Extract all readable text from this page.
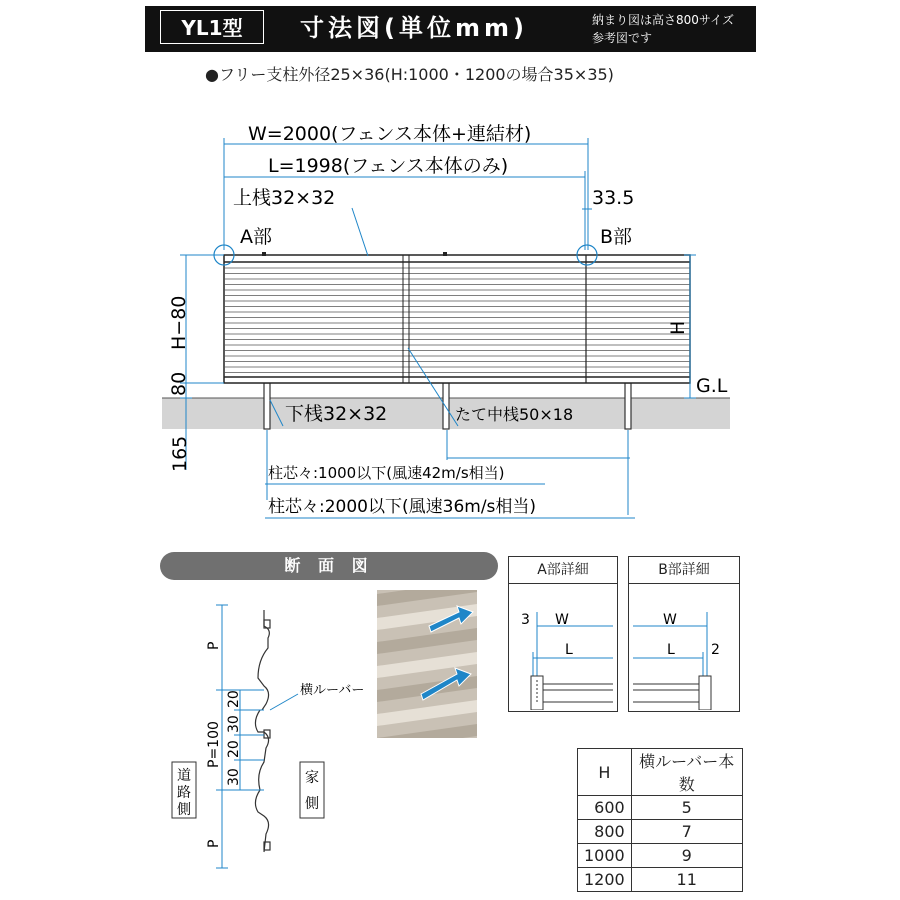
YL1型	寸法図(単位mm)	納まり図は高さ800サイズ
参考図です
●フリー支柱外径25×36(H:1000・1200の場合35×35)
W=2000(フェンス本体+連結材)
L=1998(フェンス本体のみ)
上桟32×32	33.5
A部	B部
H−80
80
165
H
G.L
下桟32×32	たて中桟50×18
柱芯々:1000以下(風速42m/s相当)
柱芯々:2000以下(風速36m/s相当)
断 面 図
P
20
30
20
30
P=100
P
横ルーバー
道
路
側
家
側
A部詳細
3 W
L
B部詳細
W
L	2
H	横ルーバー本数
600	5
800	7
1000	9
1200	11
